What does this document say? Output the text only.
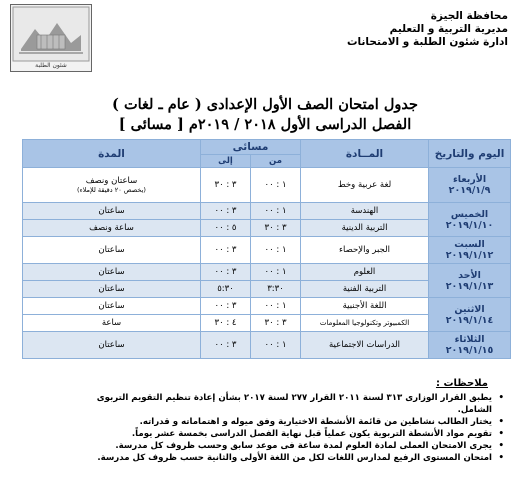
شئون الطلبة
محافظة الجيزة
مديرية التربية و التعليم
ادارة شئون الطلبة و الامتحانات
جدول امتحان الصف الأول الإعدادى ( عام ـ لغات )
الفصل الدراسى الأول ٢٠١٨ / ٢٠١٩م [ مسائى ]
اليوم والتاريخ	المــادة	مسائى		المدة
		من	إلى	

الأربعاء
٢٠١٩/١/٩	لغة عربية وخط	١ : ٠٠	٣ : ٣٠	ساعتان ونصف
(يخصص ٢٠ دقيقة للإملاء)

الخميس
٢٠١٩/١/١٠	الهندسة	١ : ٠٠	٣ : ٠٠	ساعتان
	التربية الدينية	٣ : ٣٠	٥ : ٠٠	ساعة ونصف

السبت
٢٠١٩/١/١٢	الجبر والإحصاء	١ : ٠٠	٣ : ٠٠	ساعتان

الأحد
٢٠١٩/١/١٣	العلوم	١ : ٠٠	٣ : ٠٠	ساعتان
	التربية الفنية	٣:٣٠	٥:٣٠	ساعتان

الاثنين
٢٠١٩/١/١٤	اللغة الأجنبية	١ : ٠٠	٣ : ٠٠	ساعتان
	الكمبيوتر وتكنولوجيا المعلومات	٣ : ٣٠	٤ : ٣٠	ساعة

الثلاثاء
٢٠١٩/١/١٥	الدراسات الاجتماعية	١ : ٠٠	٣ : ٠٠	ساعتان
ملاحظات :
•
يطبق القرار الوزارى ٣١٣ لسنة ٢٠١١ القرار ٢٧٧ لسنة ٢٠١٧ بشأن إعادة تنظيم التقويم التربوى
الشامل.
•
يختار الطالب نشاطين من قائمة الأنشطة الاختيارية وفق ميوله و اهتماماته و قدراته.
•
تقويم مواد الأنشطة التربوية يكون عملياً قبل نهاية الفصل الدراسى بخمسة عشر يوماً.
•
يجرى الامتحان العملى لمادة العلوم لمدة ساعة فى موعد سابق وحسب ظروف كل مدرسة.
•
امتحان المستوى الرفيع لمدارس اللغات لكل من اللغة الأولى والثانية حسب ظروف كل مدرسة.
